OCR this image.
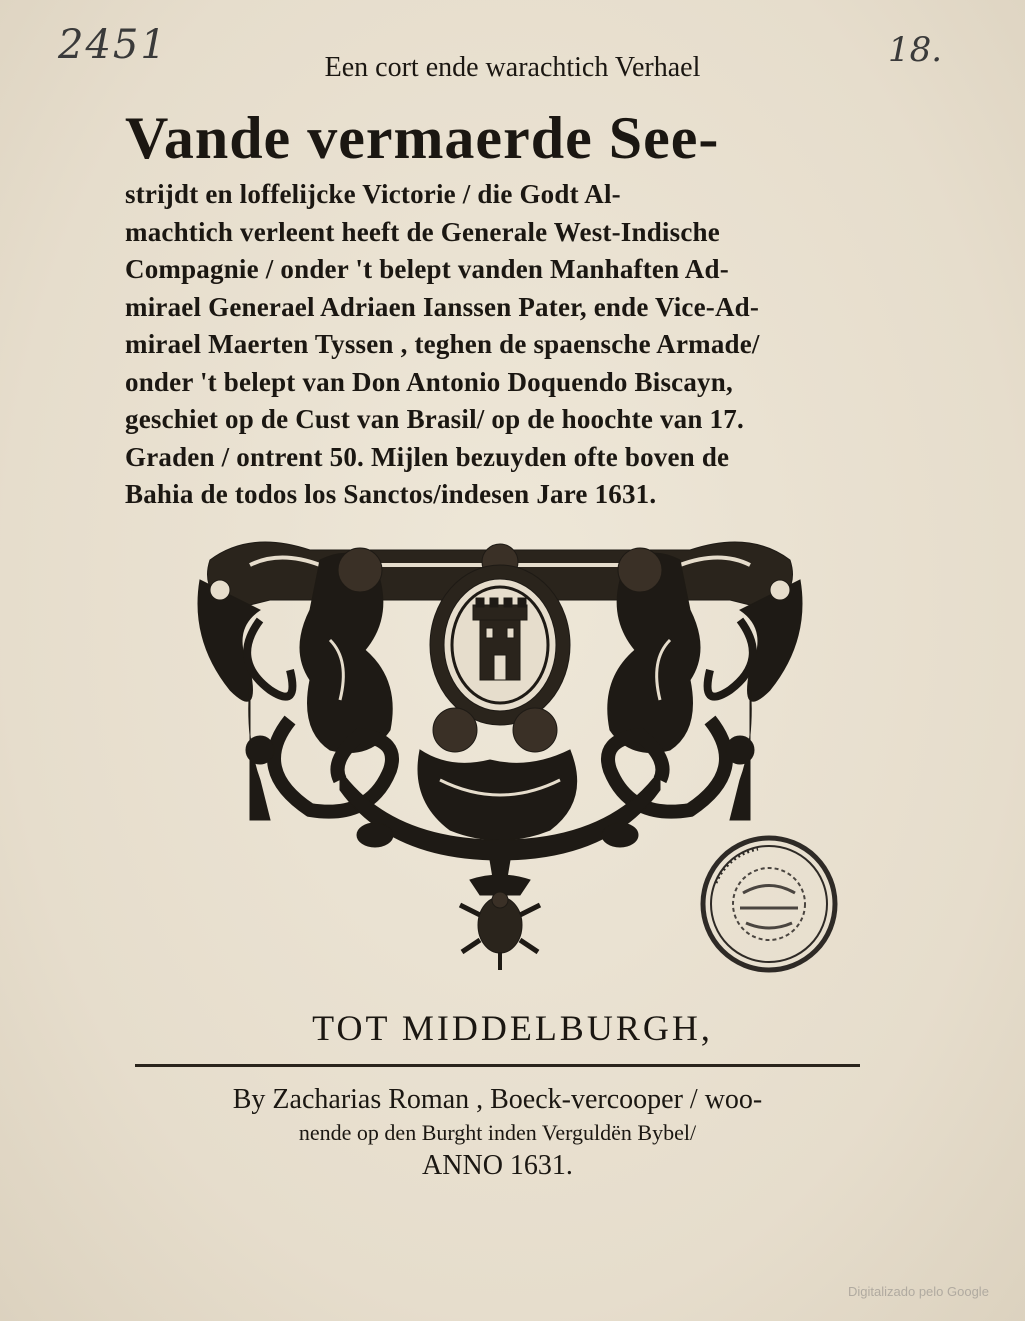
2451	18.
Een cort ende warachtich Verhael
Vande vermaerde See-
strijdt en loffelijcke Victorie / die Godt Al-
machtich verleent heeft de Generale West-Indische
Compagnie / onder 't belept vanden Manhaften Ad-
mirael Generael Adriaen Ianssen Pater, ende Vice-Ad-
mirael Maerten Tyssen , teghen de spaensche Armade/
onder 't belept van Don Antonio Doquendo Biscayn,
geschiet op de Cust van Brasil/ op de hoochte van 17.
Graden / ontrent 50. Mijlen bezuyden ofte boven de
Bahia de todos los Sanctos/indesen Jare 1631.
TOT MIDDELBURGH,
By Zacharias Roman , Boeck-vercooper / woo-
nende op den Burght inden Verguldën Bybel/
ANNO 1631.
Digitalizado pelo Google
